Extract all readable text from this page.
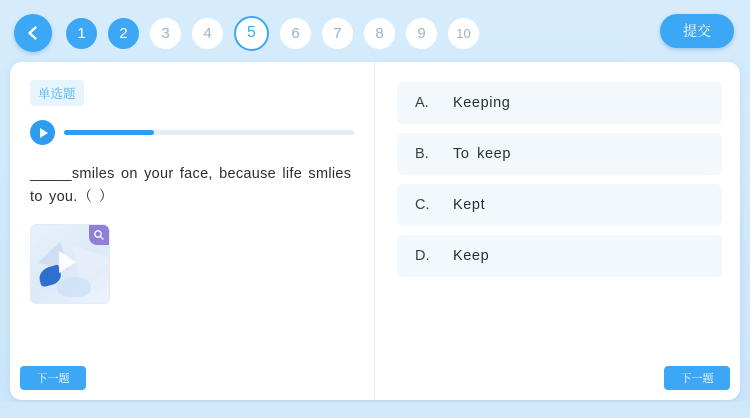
1	2	3	4	5	6	7	8	9	10	提交
单选题
_____smiles on your face, because life smlies to you.（ ）
下一题
A.	Keeping
B.	To keep
C.	Kept
D.	Keep
下一题
